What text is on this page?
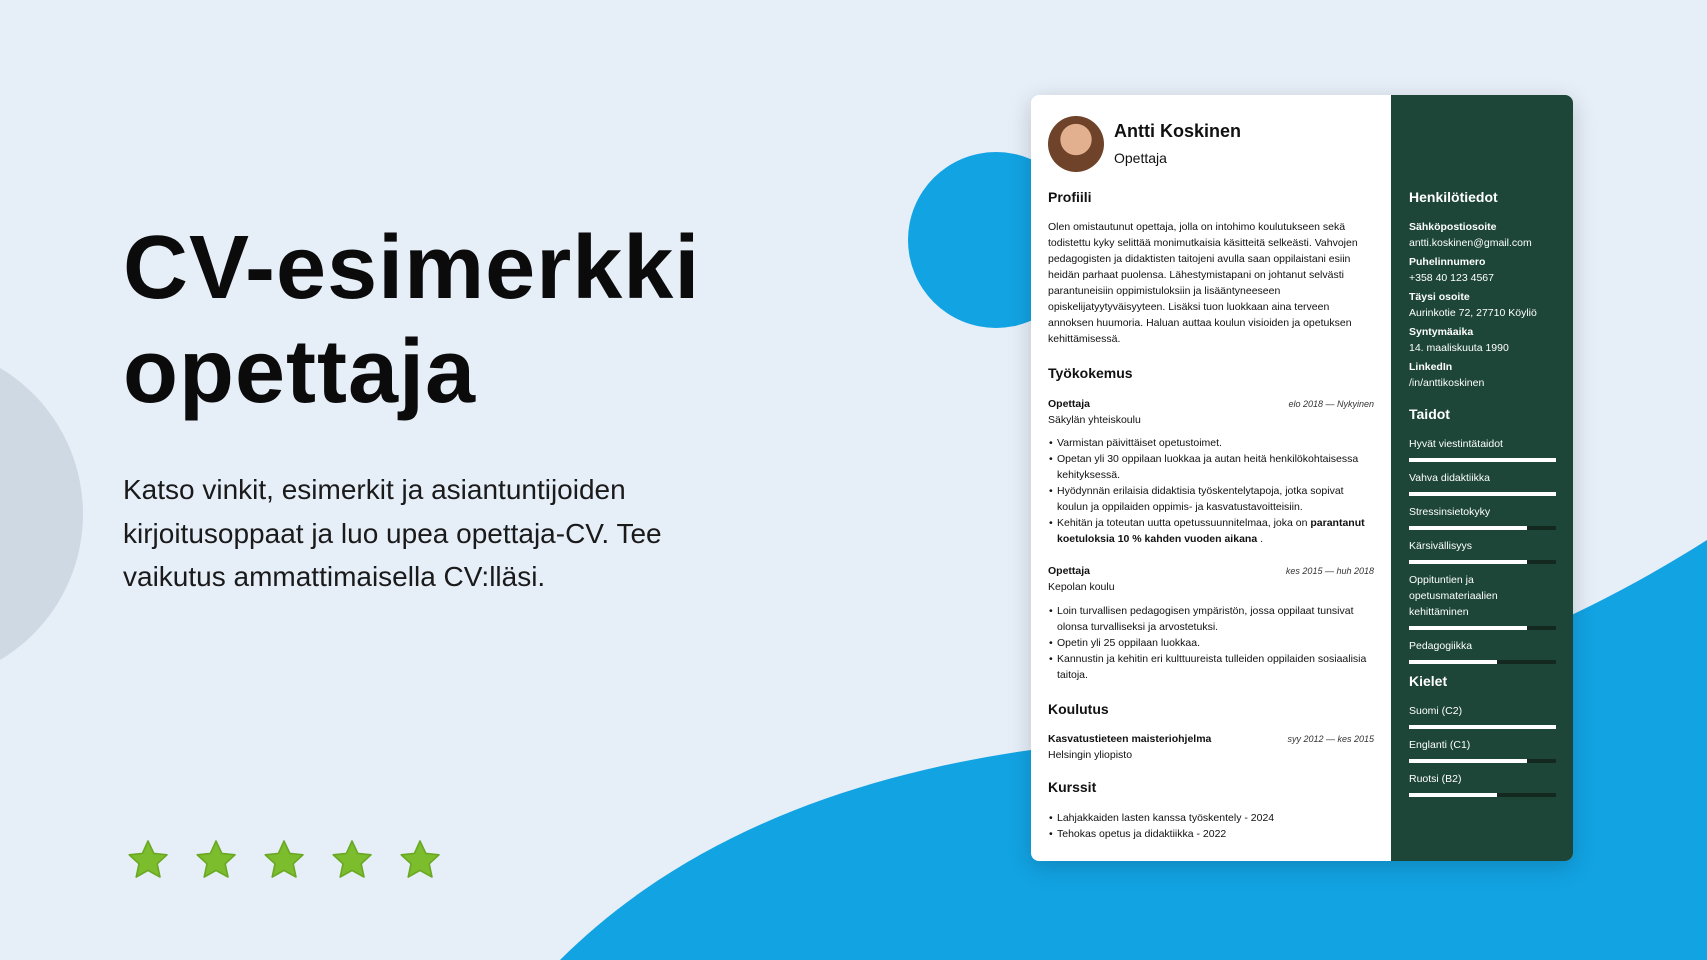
CV-esimerkki
opettaja

Katso vinkit, esimerkit ja asiantuntijoiden
kirjoitusoppaat ja luo upea opettaja-CV. Tee
vaikutus ammattimaisella CV:lläsi.

Antti Koskinen
Opettaja
Profiili

Olen omistautunut opettaja, jolla on intohimo koulutukseen sekä todistettu kyky selittää monimutkaisia käsitteitä selkeästi. Vahvojen pedagogisten ja didaktisten taitojeni avulla saan oppilaistani esiin heidän parhaat puolensa. Lähestymistapani on johtanut selvästi parantuneisiin oppimistuloksiin ja lisääntyneeseen opiskelijatyytyväisyyteen. Lisäksi tuon luokkaan aina terveen annoksen huumoria. Haluan auttaa koulun visioiden ja opetuksen kehittämisessä.

Työkokemus
Opettaja	elo 2018 — Nykyinen
Säkylän yhteiskoulu
• Varmistan päivittäiset opetustoimet.
• Opetan yli 30 oppilaan luokkaa ja autan heitä henkilökohtaisessa kehityksessä.
• Hyödynnän erilaisia didaktisia työskentelytapoja, jotka sopivat koulun ja oppilaiden oppimis- ja kasvatustavoitteisiin.
• Kehitän ja toteutan uutta opetussuunnitelmaa, joka on parantanut koetuloksia 10 % kahden vuoden aikana .
Opettaja	kes 2015 — huh 2018
Kepolan koulu
• Loin turvallisen pedagogisen ympäristön, jossa oppilaat tunsivat olonsa turvalliseksi ja arvostetuksi.
• Opetin yli 25 oppilaan luokkaa.
• Kannustin ja kehitin eri kulttuureista tulleiden oppilaiden sosiaalisia taitoja.
Koulutus
Kasvatustieteen maisteriohjelma	syy 2012 — kes 2015
Helsingin yliopisto
Kurssit
• Lahjakkaiden lasten kanssa työskentely - 2024
• Tehokas opetus ja didaktiikka - 2022
Henkilötiedot
Sähköpostiosoite
antti.koskinen@gmail.com
Puhelinnumero
+358 40 123 4567
Täysi osoite
Aurinkotie 72, 27710 Köyliö
Syntymäaika
14. maaliskuuta 1990
LinkedIn
/in/anttikoskinen
Taidot
Hyvät viestintätaidot
Vahva didaktiikka
Stressinsietokyky
Kärsivällisyys
Oppituntien ja opetusmateriaalien kehittäminen
Pedagogiikka
Kielet
Suomi (C2)
Englanti (C1)
Ruotsi (B2)
